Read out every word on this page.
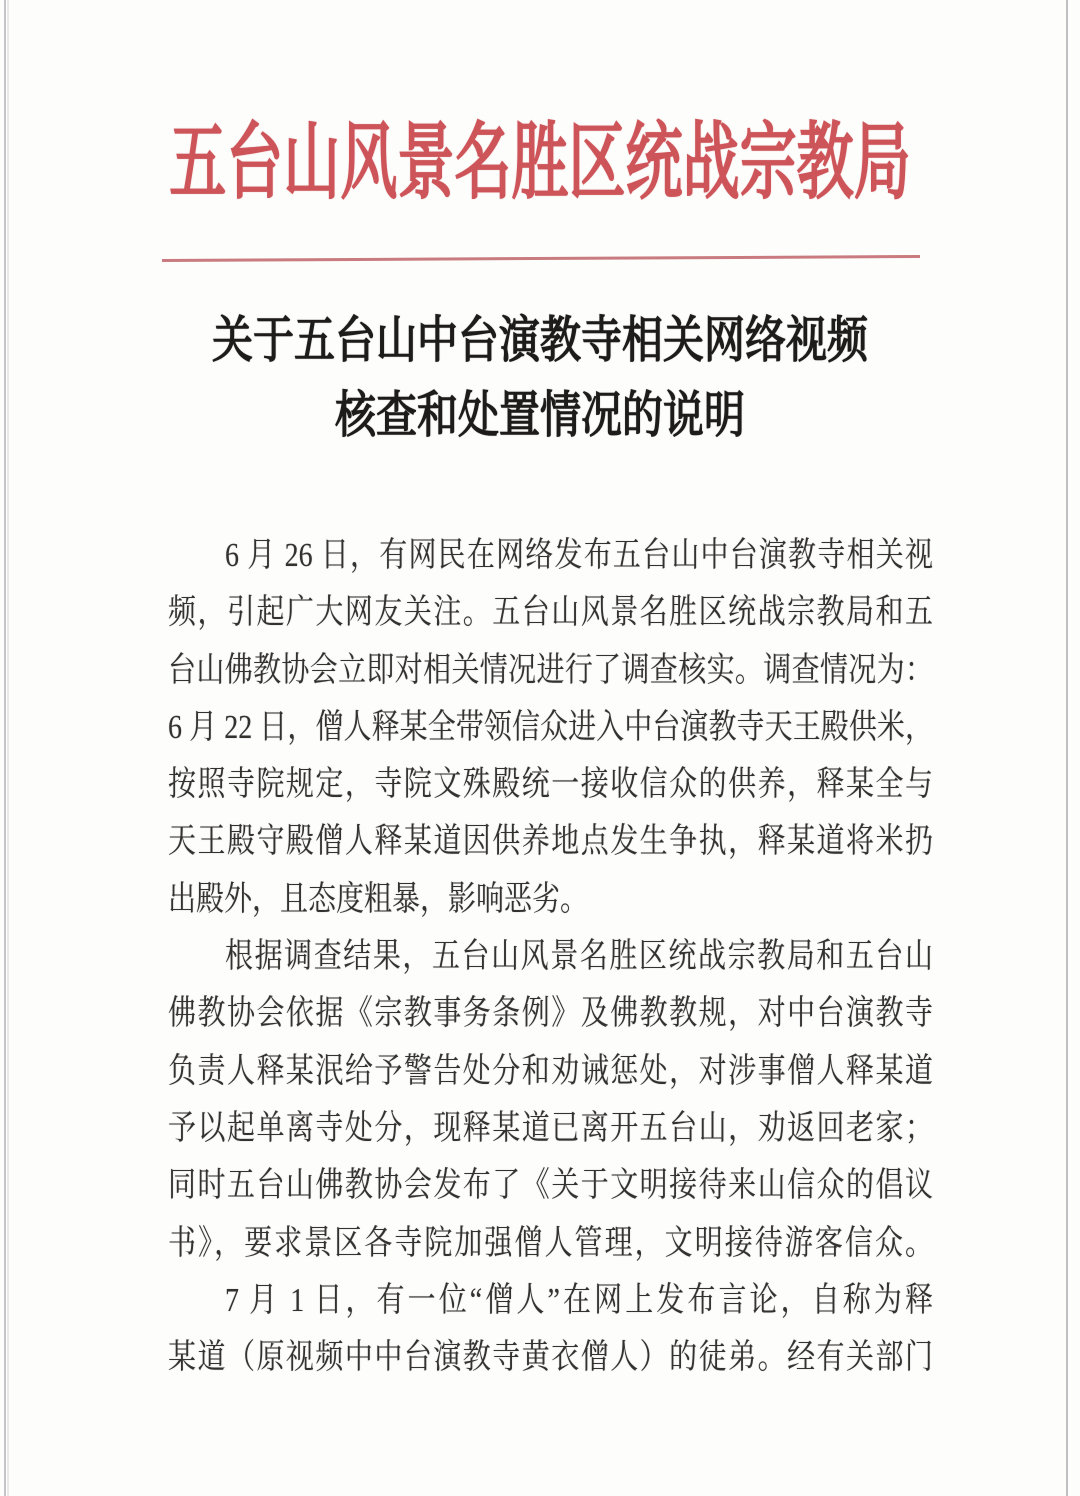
五台山风景名胜区统战宗教局
关于五台山中台演教寺相关网络视频
核查和处置情况的说明
6 月 26 日，有网民在网络发布五台山中台演教寺相关视
频，引起广大网友关注。五台山风景名胜区统战宗教局和五
台山佛教协会立即对相关情况进行了调查核实。调查情况为：
6 月 22 日，僧人释某全带领信众进入中台演教寺天王殿供米，
按照寺院规定，寺院文殊殿统一接收信众的供养，释某全与
天王殿守殿僧人释某道因供养地点发生争执，释某道将米扔
出殿外，且态度粗暴，影响恶劣。
根据调查结果，五台山风景名胜区统战宗教局和五台山
佛教协会依据《宗教事务条例》及佛教教规，对中台演教寺
负责人释某泯给予警告处分和劝诫惩处，对涉事僧人释某道
予以起单离寺处分，现释某道已离开五台山，劝返回老家；
同时五台山佛教协会发布了《关于文明接待来山信众的倡议
书》，要求景区各寺院加强僧人管理，文明接待游客信众。
7 月 1 日，有一位“僧人”在网上发布言论，自称为释
某道（原视频中中台演教寺黄衣僧人）的徒弟。经有关部门
